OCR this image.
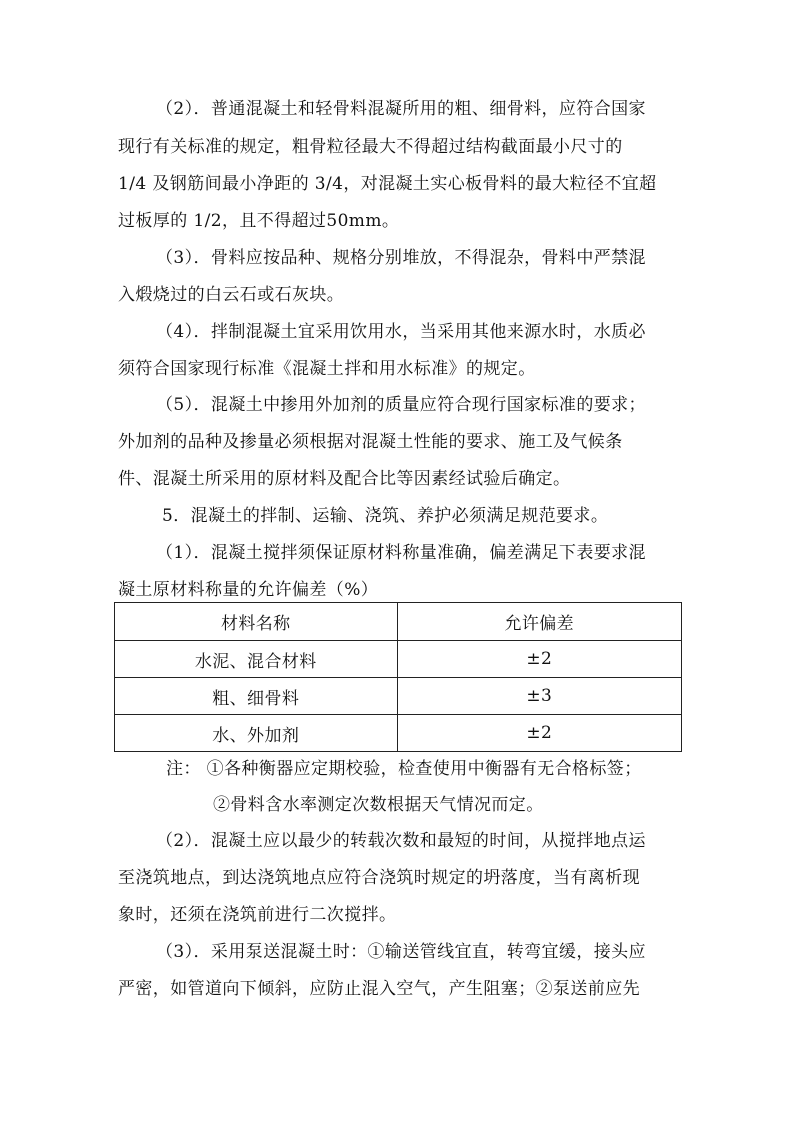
（2）．普通混凝土和轻骨料混凝所用的粗、细骨料，应符合国家
现行有关标准的规定，粗骨粒径最大不得超过结构截面最小尺寸的
1/4 及钢筋间最小净距的 3/4，对混凝土实心板骨料的最大粒径不宜超
过板厚的 1/2，且不得超过50mm。
（3）．骨料应按品种、规格分别堆放，不得混杂，骨料中严禁混
入煅烧过的白云石或石灰块。
（4）．拌制混凝土宜采用饮用水，当采用其他来源水时，水质必
须符合国家现行标准《混凝土拌和用水标准》的规定。
（5）．混凝土中掺用外加剂的质量应符合现行国家标准的要求；
外加剂的品种及掺量必须根据对混凝土性能的要求、施工及气候条
件、混凝土所采用的原材料及配合比等因素经试验后确定。
5．混凝土的拌制、运输、浇筑、养护必须满足规范要求。
（1）．混凝土搅拌须保证原材料称量准确，偏差满足下表要求混
凝土原材料称量的允许偏差（%）
材料名称	允许偏差
水泥、混合材料	±2
粗、细骨料	±3
水、外加剂	±2
注： ①各种衡器应定期校验，检查使用中衡器有无合格标签；
②骨料含水率测定次数根据天气情况而定。
（2）．混凝土应以最少的转载次数和最短的时间，从搅拌地点运
至浇筑地点，到达浇筑地点应符合浇筑时规定的坍落度，当有离析现
象时，还须在浇筑前进行二次搅拌。
（3）．采用泵送混凝土时：①输送管线宜直，转弯宜缓，接头应
严密，如管道向下倾斜，应防止混入空气，产生阻塞；②泵送前应先
